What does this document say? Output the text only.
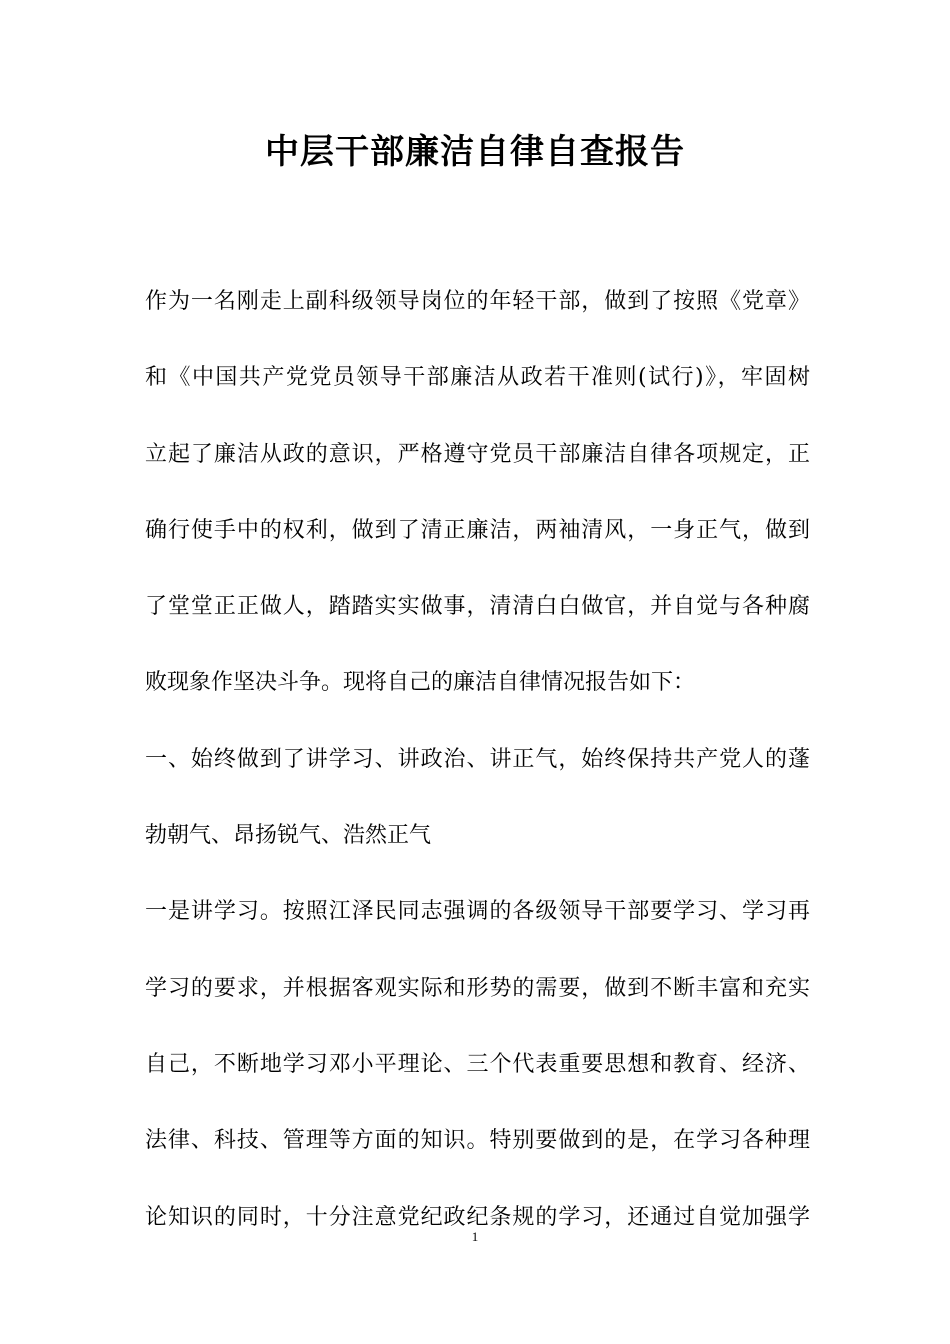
中层干部廉洁自律自查报告
作为一名刚走上副科级领导岗位的年轻干部，做到了按照《党章》
和《中国共产党党员领导干部廉洁从政若干准则(试行)》，牢固树
立起了廉洁从政的意识，严格遵守党员干部廉洁自律各项规定，正
确行使手中的权利，做到了清正廉洁，两袖清风，一身正气，做到
了堂堂正正做人，踏踏实实做事，清清白白做官，并自觉与各种腐
败现象作坚决斗争。现将自己的廉洁自律情况报告如下：
一、始终做到了讲学习、讲政治、讲正气，始终保持共产党人的蓬
勃朝气、昂扬锐气、浩然正气
一是讲学习。按照江泽民同志强调的各级领导干部要学习、学习再
学习的要求，并根据客观实际和形势的需要，做到不断丰富和充实
自己，不断地学习邓小平理论、三个代表重要思想和教育、经济、
法律、科技、管理等方面的知识。特别要做到的是，在学习各种理
论知识的同时，十分注意党纪政纪条规的学习，还通过自觉加强学
1
